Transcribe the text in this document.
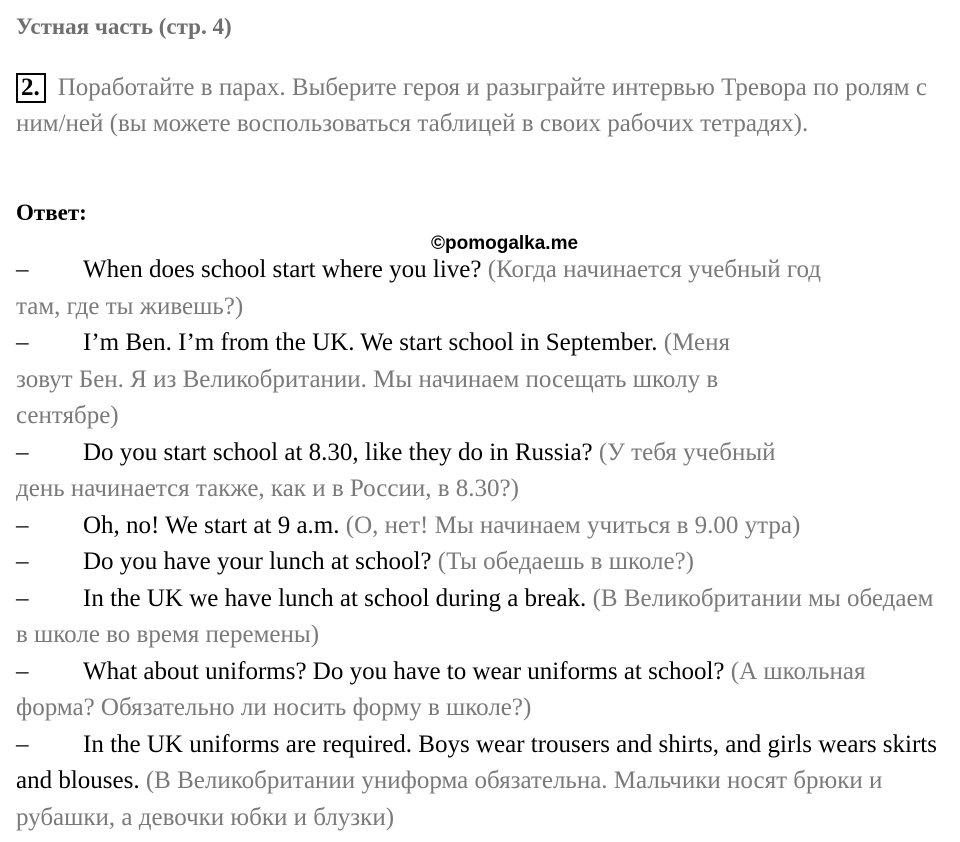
Устная часть (стр. 4)
2. Поработайте в парах. Выберите героя и разыграйте интервью Тревора по ролям с ним/ней (вы можете воспользоваться таблицей в своих рабочих тетрадях).
Ответ:
©pomogalka.me
– When does school start where you live? (Когда начинается учебный год
там, где ты живешь?)
– I’m Ben. I’m from the UK. We start school in September. (Меня
зовут Бен. Я из Великобритании. Мы начинаем посещать школу в сентябре)
– Do you start school at 8.30, like they do in Russia? (У тебя учебный
день начинается также, как и в России, в 8.30?)
– Oh, no! We start at 9 a.m. (О, нет! Мы начинаем учиться в 9.00 утра)
– Do you have your lunch at school? (Ты обедаешь в школе?)
– In the UK we have lunch at school during a break. (В Великобритании мы обедаем в школе во время перемены)
– What about uniforms? Do you have to wear uniforms at school? (А школьная форма? Обязательно ли носить форму в школе?)
– In the UK uniforms are required. Boys wear trousers and shirts, and girls wears skirts and blouses. (В Великобритании униформа обязательна. Мальчики носят брюки и рубашки, а девочки юбки и блузки)
